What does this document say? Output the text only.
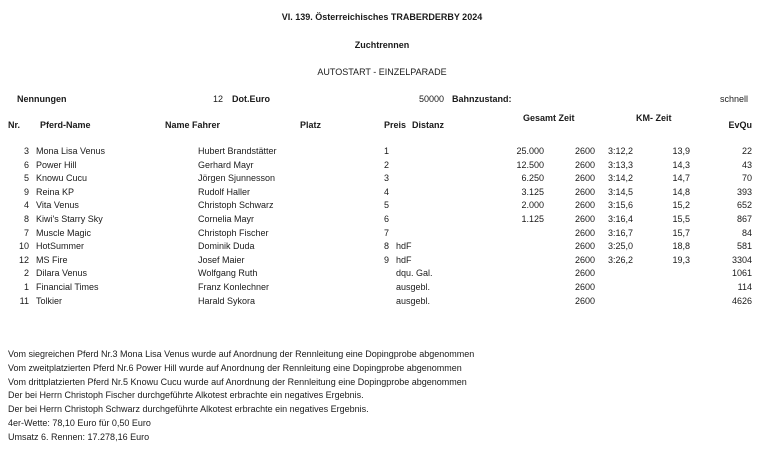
VI. 139. Österreichisches TRABERDERBY 2024
Zuchtrennen
AUTOSTART - EINZELPARADE
Nennungen	12 Dot.Euro	50000 Bahnzustand:	schnell
Nr. Pferd-Name	Name Fahrer	Platz	Preis Distanz
Gesamt Zeit	KM- Zeit
EvQu
3 Mona Lisa Venus	Hubert Brandstätter	1	25.000	2600 3:12,2	13,9	22
6 Power Hill	Gerhard Mayr	2	12.500	2600 3:13,3	14,3	43
5 Knowu Cucu	Jörgen Sjunnesson	3	6.250	2600 3:14,2	14,7	70
9 Reina KP	Rudolf Haller	4	3.125	2600 3:14,5	14,8	393
4 Vita Venus	Christoph Schwarz	5	2.000	2600 3:15,6	15,2	652
8 Kiwi's Starry Sky	Cornelia Mayr	6	1.125	2600 3:16,4	15,5	867
7 Muscle Magic	Christoph Fischer	7	2600 3:16,7	15,7	84
10 HotSummer	Dominik Duda	8 hdF	2600 3:25,0	18,8	581
12 MS Fire	Josef Maier	9 hdF	2600 3:26,2	19,3	3304
2 Dilara Venus	Wolfgang Ruth	dqu. Gal.	2600	1061
1 Financial Times	Franz Konlechner	ausgebl.	2600	114
11 Tolkier	Harald Sykora	ausgebl.	2600	4626
Vom siegreichen Pferd Nr.3 Mona Lisa Venus wurde auf Anordnung der Rennleitung eine Dopingprobe abgenommen
Vom zweitplatzierten Pferd Nr.6 Power Hill wurde auf Anordnung der Rennleitung eine Dopingprobe abgenommen
Vom drittplatzierten Pferd Nr.5 Knowu Cucu wurde auf Anordnung der Rennleitung eine Dopingprobe abgenommen
Der bei Herrn Christoph Fischer durchgeführte Alkotest erbrachte ein negatives Ergebnis.
Der bei Herrn Christoph Schwarz durchgeführte Alkotest erbrachte ein negatives Ergebnis.
4er-Wette: 78,10 Euro für 0,50 Euro
Umsatz 6. Rennen: 17.278,16 Euro
